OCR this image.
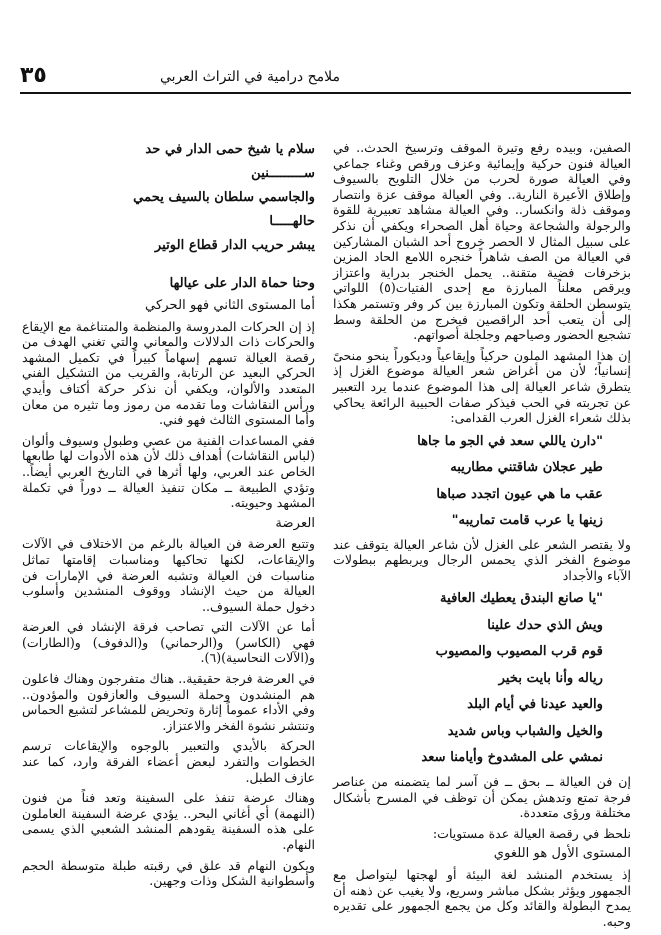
ملامح درامية في التراث العربي
٣٥

الصفين، وبيده رفع وتيرة الموقف وترسيخ الحدث.. في العيالة فنون حركية وإيمائية وعزف ورقص وغناء جماعي وفي العيالة صورة لحرب من خلال التلويح بالسيوف وإطلاق الأعيرة النارية.. وفي العيالة موقف عزة وانتصار وموقف ذلة وانكسار.. وفي العيالة مشاهد تعبيرية للقوة والرجولة والشجاعة وحياة أهل الصحراء ويكفي أن نذكر على سبيل المثال لا الحصر خروج أحد الشبان المشاركين في العيالة من الصف شاهراً خنجره اللامع الحاد المزين بزخرفات فضية متقنة.. يحمل الخنجر بدراية واعتزاز ويرقص معلناً المبارزة مع إحدى الفتيات(٥) اللواتي يتوسطن الحلقة وتكون المبارزة بين كر وفر وتستمر هكذا إلى أن يتعب أحد الراقصين فيخرج من الحلقة وسط تشجيع الحضور وصياحهم وجلجلة أصواتهم.

إن هذا المشهد الملون حركياً وإيقاعياً وديكوراً ينحو منحىً إنسانياً؛ لأن من أغراض شعر العيالة موضوع الغزل إذ يتطرق شاعر العيالة إلى هذا الموضوع عندما يرد التعبير عن تجربته في الحب فيذكر صفات الحبيبة الرائعة يحاكي بذلك شعراء الغزل العرب القدامى:

"دارن ياللي سعد في الجو ما جاها

طير عجلان شاقتني مطاريبه

عقب ما هي عيون اتجدد صباها

زينها يا عرب قامت تماريبه"

ولا يقتصر الشعر على الغزل لأن شاعر العيالة يتوقف عند موضوع الفخر الذي يحمس الرجال ويربطهم ببطولات الآباء والأجداد

"يا صانع البندق يعطيك العافية

ويش الذي حدك علينا

قوم قرب المصيوب والمصيوب

رياله وأنا بايت بخير

والعيد عيدنا في أيام البلد

والخيل والشباب وباس شديد

نمشي على المشدوخ وأيامنا سعد

إن فن العيالة ــ بحق ــ فن آسر لما يتضمنه من عناصر فرجة تمتع وتدهش يمكن أن توظف في المسرح بأشكال مختلفة ورؤى متعددة.

نلحظ في رقصة العيالة عدة مستويات:

المستوى الأول هو اللغوي

إذ يستخدم المنشد لغة البيئة أو لهجتها ليتواصل مع الجمهور ويؤثر بشكل مباشر وسريع، ولا يغيب عن ذهنه أن يمدح البطولة والقائد وكل من يجمع الجمهور على تقديره وحبه.

سلام يا شيخ حمى الدار في حد

ســـــــــنين

والجاسمي سلطان بالسيف يحمي

حالهـــــا

يبشر حريب الدار قطاع الوتير

وحنا حماة الدار على عيالها

أما المستوى الثاني فهو الحركي

إذ إن الحركات المدروسة والمنظمة والمتناغمة مع الإيقاع والحركات ذات الدلالات والمعاني والتي تغني الهدف من رقصة العيالة تسهم إسهاماً كبيراً في تكميل المشهد الحركي البعيد عن الرتابة، والقريب من التشكيل الفني المتعدد والألوان، ويكفي أن نذكر حركة أكتاف وأيدي ورأس النقاشات وما تقدمه من رموز وما تثيره من معان وأما المستوى الثالث فهو فني.

ففي المساعدات الفنية من عصي وطبول وسيوف وألوان (لباس النقاشات) أهداف ذلك لأن هذه الأدوات لها طابعها الخاص عند العربي، ولها أثرها في التاريخ العربي أيضاً.. وتؤدي الطبيعة ــ مكان تنفيذ العيالة ــ دوراً في تكملة المشهد وحيويته.

العرضة

وتتبع العرضة فن العيالة بالرغم من الاختلاف في الآلات والإيقاعات، لكنها تحاكيها ومناسبات إقامتها تماثل مناسبات فن العيالة وتشبه العرضة في الإمارات فن العيالة من حيث الإنشاد ووقوف المنشدين وأسلوب دخول حملة السيوف..

أما عن الآلات التي تصاحب فرقة الإنشاد في العرضة فهي (الكاسر) و(الرحماني) و(الدفوف) و(الطارات) و(الآلات النحاسية)(٦).

في العرضة فرجة حقيقية.. هناك متفرجون وهناك فاعلون هم المنشدون وحملة السيوف والعازفون والمؤدون.. وفي الأداء عموماً إثارة وتحريض للمشاعر لتشيع الحماس وتنتشر نشوة الفخر والاعتزاز.

الحركة بالأيدي والتعبير بالوجوه والإيقاعات ترسم الخطوات والتفرد لبعض أعضاء الفرقة وارد، كما عند عازف الطبل.

وهناك عرضة تنفذ على السفينة وتعد فناً من فنون (النهمة) أي أغاني البحر.. يؤدي عرضة السفينة العاملون على هذه السفينة يقودهم المنشد الشعبي الذي يسمى النهام.

ويكون النهام قد علق في رقبته طبلة متوسطة الحجم وأسطوانية الشكل وذات وجهين.
